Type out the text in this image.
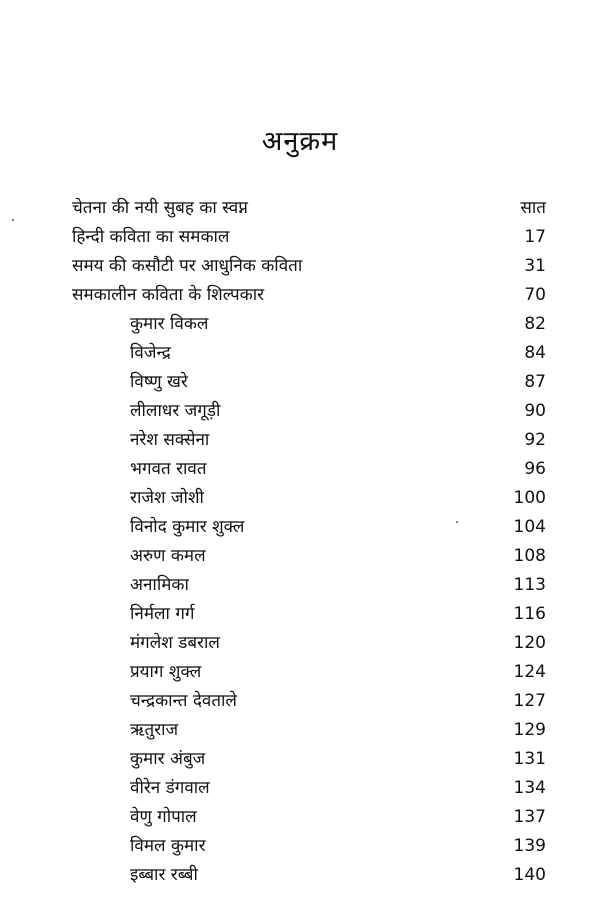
अनुक्रम
चेतना की नयी सुबह का स्वप्न	सात
हिन्दी कविता का समकाल	17
समय की कसौटी पर आधुनिक कविता	31
समकालीन कविता के शिल्पकार	70
कुमार विकल	82
विजेन्द्र	84
विष्णु खरे	87
लीलाधर जगूड़ी	90
नरेश सक्सेना	92
भगवत रावत	96
राजेश जोशी	100
विनोद कुमार शुक्ल	104
अरुण कमल	108
अनामिका	113
निर्मला गर्ग	116
मंगलेश डबराल	120
प्रयाग शुक्ल	124
चन्द्रकान्त देवताले	127
ऋतुराज	129
कुमार अंबुज	131
वीरेन डंगवाल	134
वेणु गोपाल	137
विमल कुमार	139
इब्बार रब्बी	140
